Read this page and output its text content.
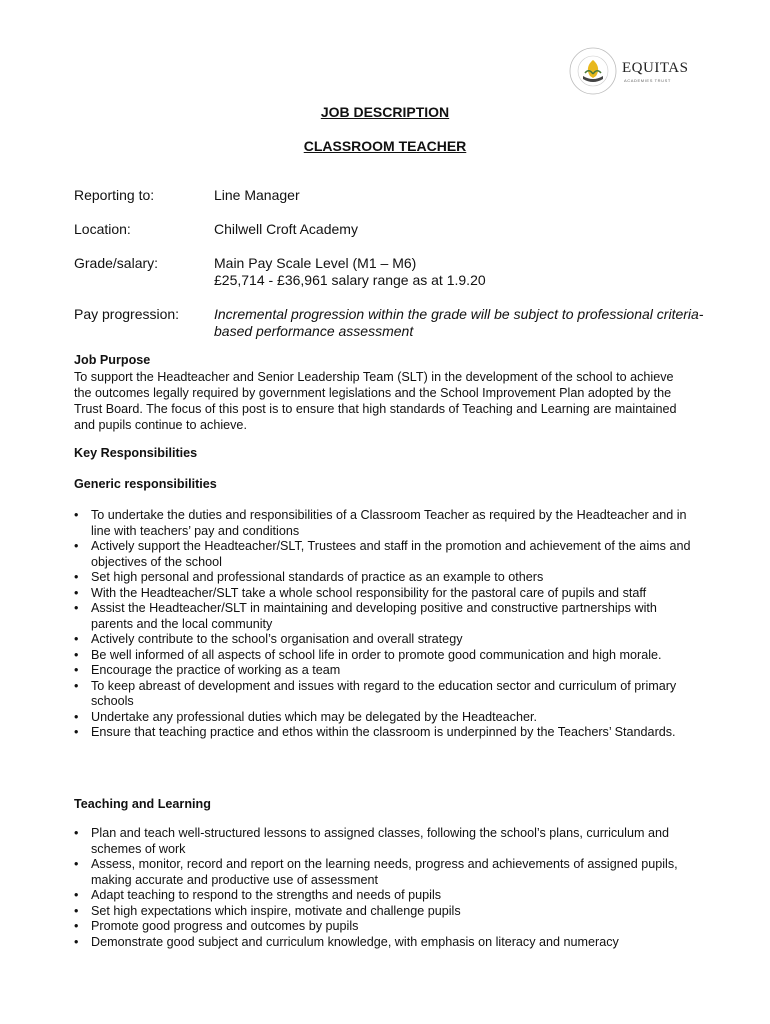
EQUITAS
ACADEMIES TRUST
JOB DESCRIPTION
CLASSROOM TEACHER
Reporting to:	Line Manager
Location:	Chilwell Croft Academy
Grade/salary:	Main Pay Scale Level (M1 – M6)
£25,714 - £36,961 salary range as at 1.9.20
Pay progression: Incremental progression within the grade will be subject to professional criteria-based performance assessment
Job Purpose
To support the Headteacher and Senior Leadership Team (SLT) in the development of the school to achieve the outcomes legally required by government legislations and the School Improvement Plan adopted by the Trust Board. The focus of this post is to ensure that high standards of Teaching and Learning are maintained and pupils continue to achieve.
Key Responsibilities
Generic responsibilities
• To undertake the duties and responsibilities of a Classroom Teacher as required by the Headteacher and in line with teachers’ pay and conditions
• Actively support the Headteacher/SLT, Trustees and staff in the promotion and achievement of the aims and objectives of the school
• Set high personal and professional standards of practice as an example to others
• With the Headteacher/SLT take a whole school responsibility for the pastoral care of pupils and staff
• Assist the Headteacher/SLT in maintaining and developing positive and constructive partnerships with parents and the local community
• Actively contribute to the school’s organisation and overall strategy
• Be well informed of all aspects of school life in order to promote good communication and high morale.
• Encourage the practice of working as a team
• To keep abreast of development and issues with regard to the education sector and curriculum of primary schools
• Undertake any professional duties which may be delegated by the Headteacher.
• Ensure that teaching practice and ethos within the classroom is underpinned by the Teachers’ Standards.
Teaching and Learning
• Plan and teach well-structured lessons to assigned classes, following the school’s plans, curriculum and schemes of work
• Assess, monitor, record and report on the learning needs, progress and achievements of assigned pupils, making accurate and productive use of assessment
• Adapt teaching to respond to the strengths and needs of pupils
• Set high expectations which inspire, motivate and challenge pupils
• Promote good progress and outcomes by pupils
• Demonstrate good subject and curriculum knowledge, with emphasis on literacy and numeracy
